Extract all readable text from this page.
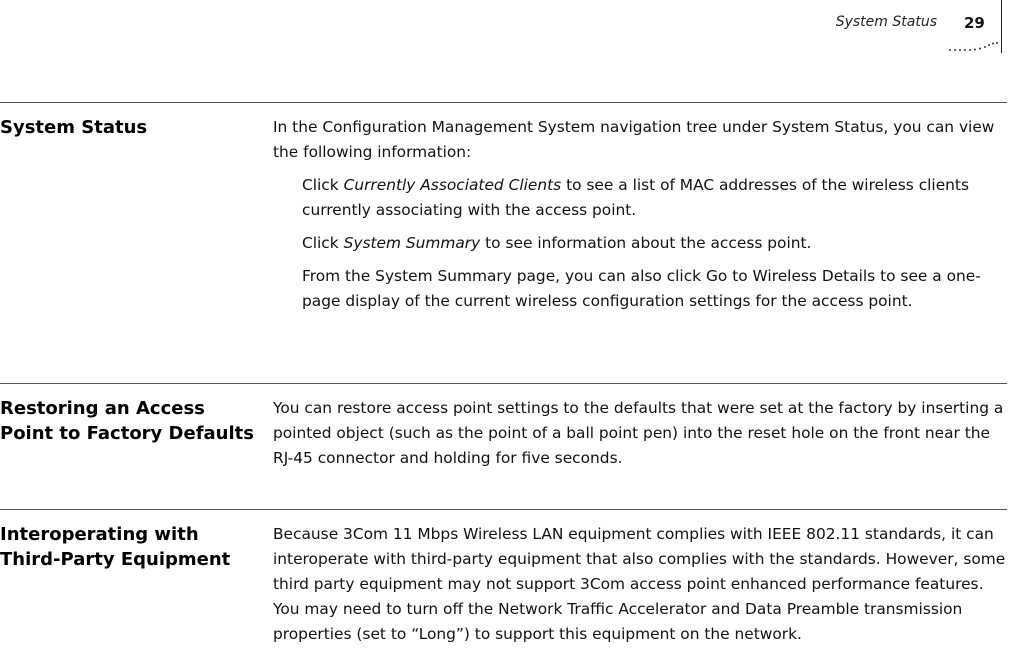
System Status 29
System Status	In the Configuration Management System navigation tree under System Status, you can view the following information:

Click Currently Associated Clients to see a list of MAC addresses of the wireless clients currently associating with the access point.
Click System Summary to see information about the access point.
From the System Summary page, you can also click Go to Wireless Details to see a one-page display of the current wireless configuration settings for the access point.
Restoring an Access Point to Factory Defaults
You can restore access point settings to the defaults that were set at the factory by inserting a pointed object (such as the point of a ball point pen) into the reset hole on the front near the RJ-45 connector and holding for five seconds.
Interoperating with Third-Party Equipment
Because 3Com 11 Mbps Wireless LAN equipment complies with IEEE 802.11 standards, it can interoperate with third-party equipment that also complies with the standards. However, some third party equipment may not support 3Com access point enhanced performance features. You may need to turn off the Network Traffic Accelerator and Data Preamble transmission properties (set to “Long”) to support this equipment on the network.
